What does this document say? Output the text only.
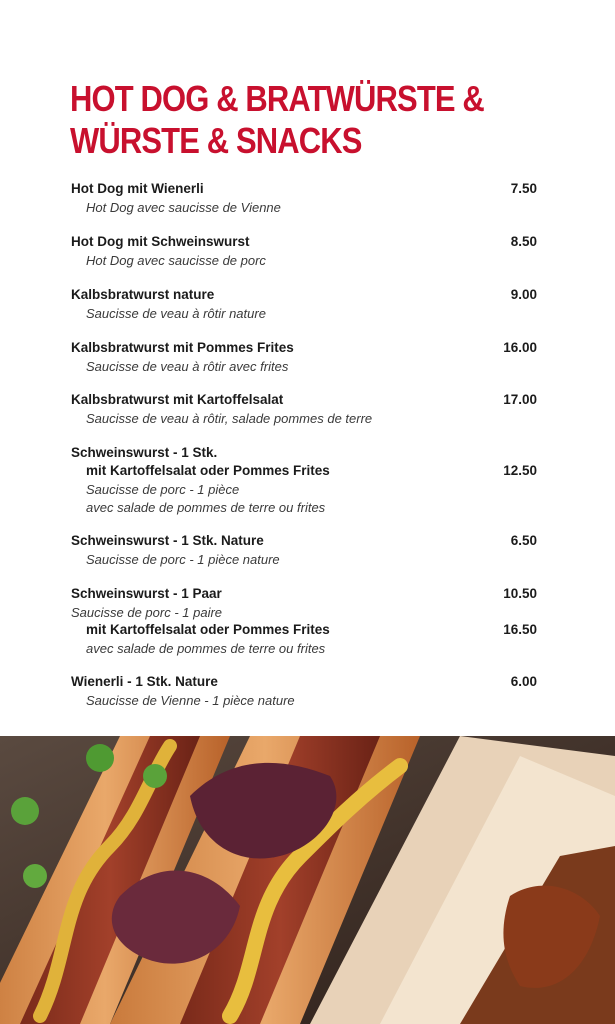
HOT DOG & BRATWÜRSTE &
WÜRSTE & SNACKS
Hot Dog mit Wienerli	7.50
Hot Dog avec saucisse de Vienne
Hot Dog mit Schweinswurst	8.50
Hot Dog avec saucisse de porc
Kalbsbratwurst nature	9.00
Saucisse de veau à rôtir nature
Kalbsbratwurst mit Pommes Frites	16.00
Saucisse de veau à rôtir avec frites
Kalbsbratwurst mit Kartoffelsalat	17.00
Saucisse de veau à rôtir, salade pommes de terre
Schweinswurst - 1 Stk.
mit Kartoffelsalat oder Pommes Frites	12.50
Saucisse de porc - 1 pièce
avec salade de pommes de terre ou frites
Schweinswurst - 1 Stk. Nature	6.50
Saucisse de porc - 1 pièce nature
Schweinswurst - 1 Paar	10.50
Saucisse de porc - 1 paire
mit Kartoffelsalat oder Pommes Frites	16.50
avec salade de pommes de terre ou frites
Wienerli - 1 Stk. Nature	6.00
Saucisse de Vienne - 1 pièce nature
